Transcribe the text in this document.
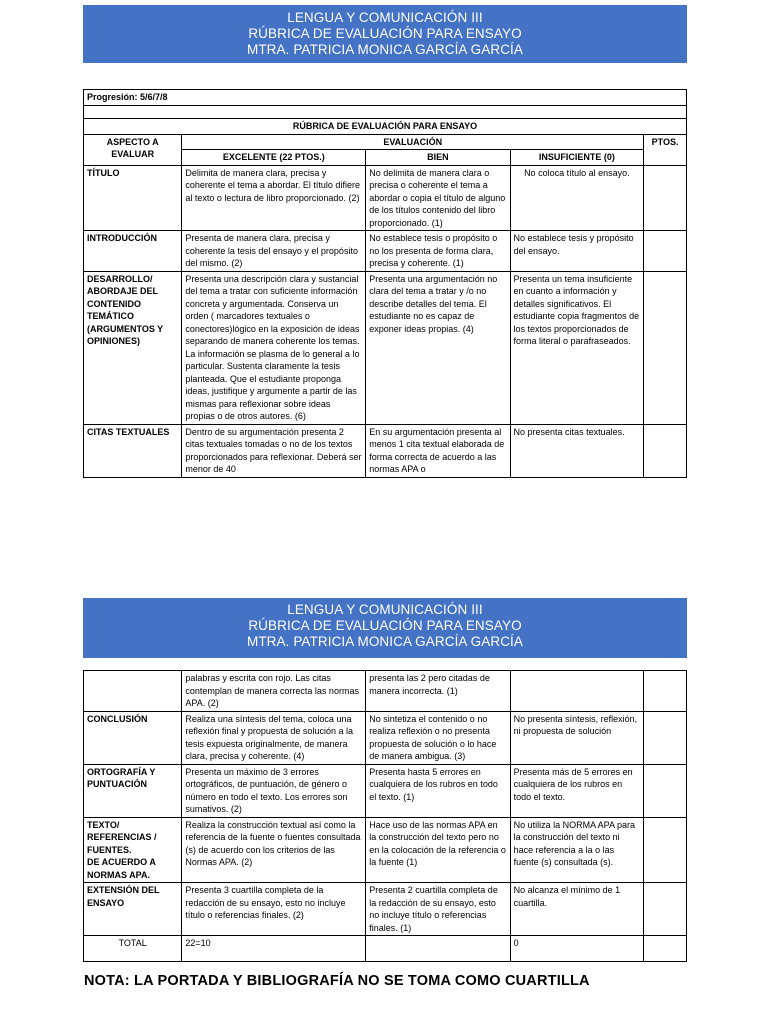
LENGUA Y COMUNICACIÓN III
RÚBRICA DE EVALUACIÓN PARA ENSAYO
MTRA. PATRICIA MONICA GARCÍA GARCÍA
Progresión: 5/6/7/8				

RÚBRICA DE EVALUACIÓN PARA ENSAYO				
ASPECTO A EVALUAR	EVALUACIÓN			PTOS.
	EXCELENTE (22 PTOS.)	BIEN	INSUFICIENTE (0)	
TÍTULO	Delimita de manera clara, precisa y coherente el tema a abordar. El título difiere al texto o lectura de libro proporcionado. (2)	No delimita de manera clara o precisa o coherente el tema a abordar o copia el título de alguno de los títulos contenido del libro proporcionado. (1)	No coloca título al ensayo.	
INTRODUCCIÓN	Presenta de manera clara, precisa y coherente la tesis del ensayo y el propósito del mismo. (2)	No establece tesis o propósito o no los presenta de forma clara, precisa y coherente. (1)	No establece tesis y propósito del ensayo.	
DESARROLLO/ ABORDAJE DEL CONTENIDO TEMÁTICO (ARGUMENTOS Y OPINIONES)	Presenta una descripción clara y sustancial del tema a tratar con suficiente información concreta y argumentada. Conserva un orden ( marcadores textuales o conectores)lógico en la exposición de ideas separando de manera coherente los temas. La información se plasma de lo general a lo particular. Sustenta claramente la tesis planteada. Que el estudiante proponga ideas, justifique y argumente a partir de las mismas para reflexionar sobre ideas propias o de otros autores. (6)	Presenta una argumentación no clara del tema a tratar y /o no describe detalles del tema. El estudiante no es capaz de exponer ideas propias. (4)	Presenta un tema insuficiente en cuanto a información y detalles significativos. El estudiante copia fragmentos de los textos proporcionados de forma literal o parafraseados.	
CITAS TEXTUALES	Dentro de su argumentación presenta 2 citas textuales tomadas o no de los textos proporcionados para reflexionar. Deberá ser menor de 40	En su argumentación presenta al menos 1 cita textual elaborada de forma correcta de acuerdo a las normas APA o	No presenta citas textuales.	
LENGUA Y COMUNICACIÓN III
RÚBRICA DE EVALUACIÓN PARA ENSAYO
MTRA. PATRICIA MONICA GARCÍA GARCÍA
	palabras y escrita con rojo. Las citas contemplan de manera correcta las normas APA. (2)	presenta las 2 pero citadas de manera incorrecta. (1)		
CONCLUSIÓN	Realiza una síntesis del tema, coloca una reflexión final y propuesta de solución a la tesis expuesta originalmente, de manera clara, precisa y coherente. (4)	No sintetiza el contenido o no realiza reflexión o no presenta propuesta de solución o lo hace de manera ambigua. (3)	No presenta síntesis, reflexión, ni propuesta de solución	
ORTOGRAFÍA Y PUNTUACIÓN	Presenta un máximo de 3 errores ortográficos, de puntuación, de género o número en todo el texto. Los errores son sumativos. (2)	Presenta hasta 5 errores en cualquiera de los rubros en todo el texto. (1)	Presenta más de 5 errores en cualquiera de los rubros en todo el texto.	
TEXTO/ REFERENCIAS / FUENTES.
DE ACUERDO A NORMAS APA.	Realiza la construcción textual así como la referencia de la fuente o fuentes consultada (s) de acuerdo con los criterios de las Normas APA. (2)	Hace uso de las normas APA en la construcción del texto pero no en la colocación de la referencia o la fuente (1)	No utiliza la NORMA APA para la construcción del texto ni hace referencia a la o las fuente (s) consultada (s).	
EXTENSIÓN DEL ENSAYO	Presenta 3 cuartilla completa de la redacción de su ensayo, esto no incluye título o referencias finales. (2)	Presenta 2 cuartilla completa de la redacción de su ensayo, esto no incluye título o referencias finales. (1)	No alcanza el mínimo de 1 cuartilla.	
TOTAL	22=10		0	
NOTA: LA PORTADA Y BIBLIOGRAFÍA NO SE TOMA COMO CUARTILLA
